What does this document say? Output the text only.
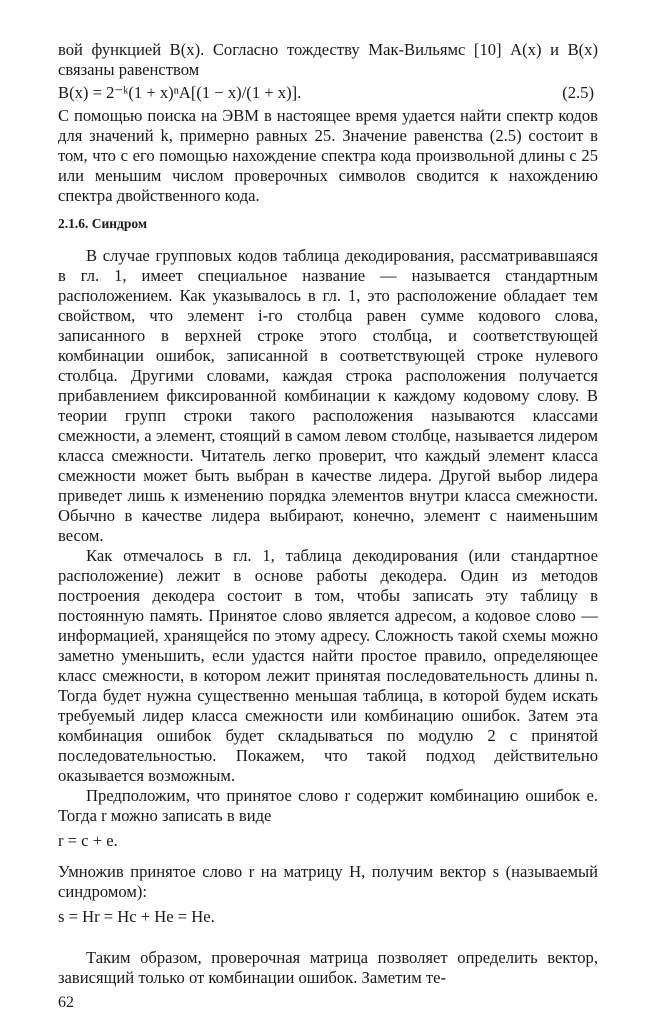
вой функцией B(x). Согласно тождеству Мак-Вильямс [10] A(x) и B(x) связаны равенством

B(x) = 2⁻ᵏ(1 + x)ⁿA[(1 − x)/(1 + x)].	(2.5)

С помощью поиска на ЭВМ в настоящее время удается найти спектр кодов для значений k, примерно равных 25. Значение равенства (2.5) состоит в том, что с его помощью нахождение спектра кода произвольной длины с 25 или меньшим числом проверочных символов сводится к нахождению спектра двойственного кода.

2.1.6. Синдром

В случае групповых кодов таблица декодирования, рассматривавшаяся в гл. 1, имеет специальное название — называется стандартным расположением. Как указывалось в гл. 1, это расположение обладает тем свойством, что элемент i-го столбца равен сумме кодового слова, записанного в верхней строке этого столбца, и соответствующей комбинации ошибок, записанной в соответствующей строке нулевого столбца. Другими словами, каждая строка расположения получается прибавлением фиксированной комбинации к каждому кодовому слову. В теории групп строки такого расположения называются классами смежности, а элемент, стоящий в самом левом столбце, называется лидером класса смежности. Читатель легко проверит, что каждый элемент класса смежности может быть выбран в качестве лидера. Другой выбор лидера приведет лишь к изменению порядка элементов внутри класса смежности. Обычно в качестве лидера выбирают, конечно, элемент с наименьшим весом.

Как отмечалось в гл. 1, таблица декодирования (или стандартное расположение) лежит в основе работы декодера. Один из методов построения декодера состоит в том, чтобы записать эту таблицу в постоянную память. Принятое слово является адресом, а кодовое слово — информацией, хранящейся по этому адресу. Сложность такой схемы можно заметно уменьшить, если удастся найти простое правило, определяющее класс смежности, в котором лежит принятая последовательность длины n. Тогда будет нужна существенно меньшая таблица, в которой будем искать требуемый лидер класса смежности или комбинацию ошибок. Затем эта комбинация ошибок будет складываться по модулю 2 с принятой последовательностью. Покажем, что такой подход действительно оказывается возможным.

Предположим, что принятое слово r содержит комбинацию ошибок e. Тогда r можно записать в виде

r = c + e.

Умножив принятое слово r на матрицу H, получим вектор s (называемый синдромом):

s = Hr = Hc + He = He.

Таким образом, проверочная матрица позволяет определить вектор, зависящий только от комбинации ошибок. Заметим те-

62
